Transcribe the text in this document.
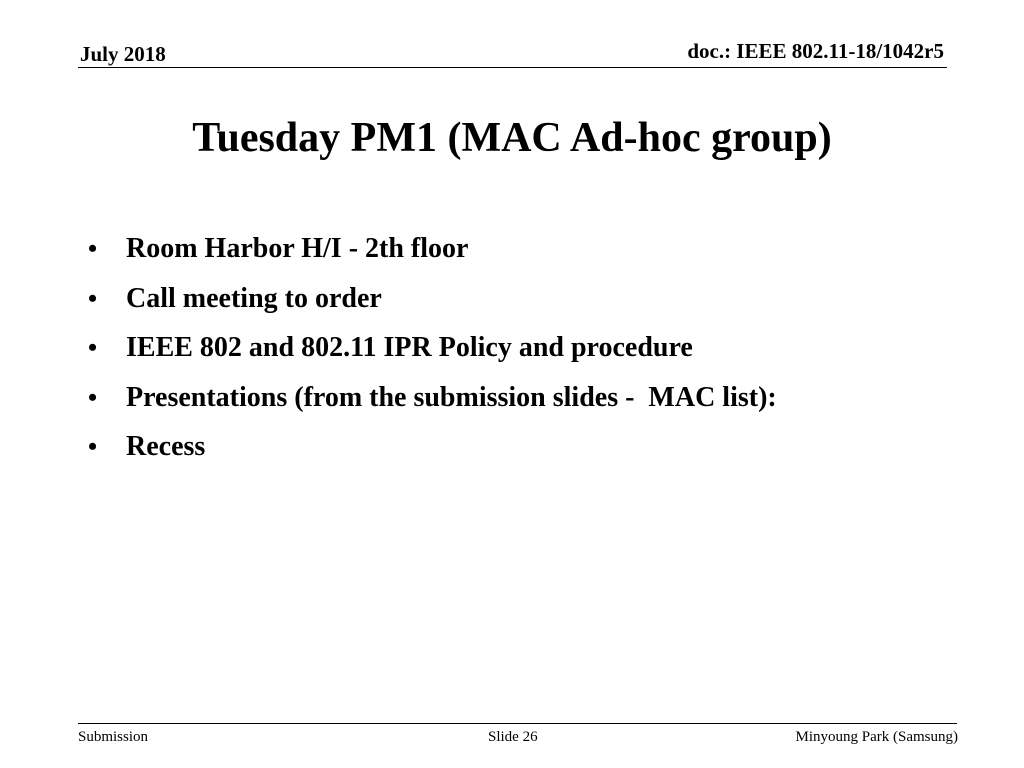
July 2018	doc.: IEEE 802.11-18/1042r5
Tuesday PM1 (MAC Ad-hoc group)
•	Room Harbor H/I - 2th floor
•	Call meeting to order
•	IEEE 802 and 802.11 IPR Policy and procedure
•	Presentations (from the submission slides -  MAC list):
•	Recess
Submission	Slide 26	Minyoung Park (Samsung)
